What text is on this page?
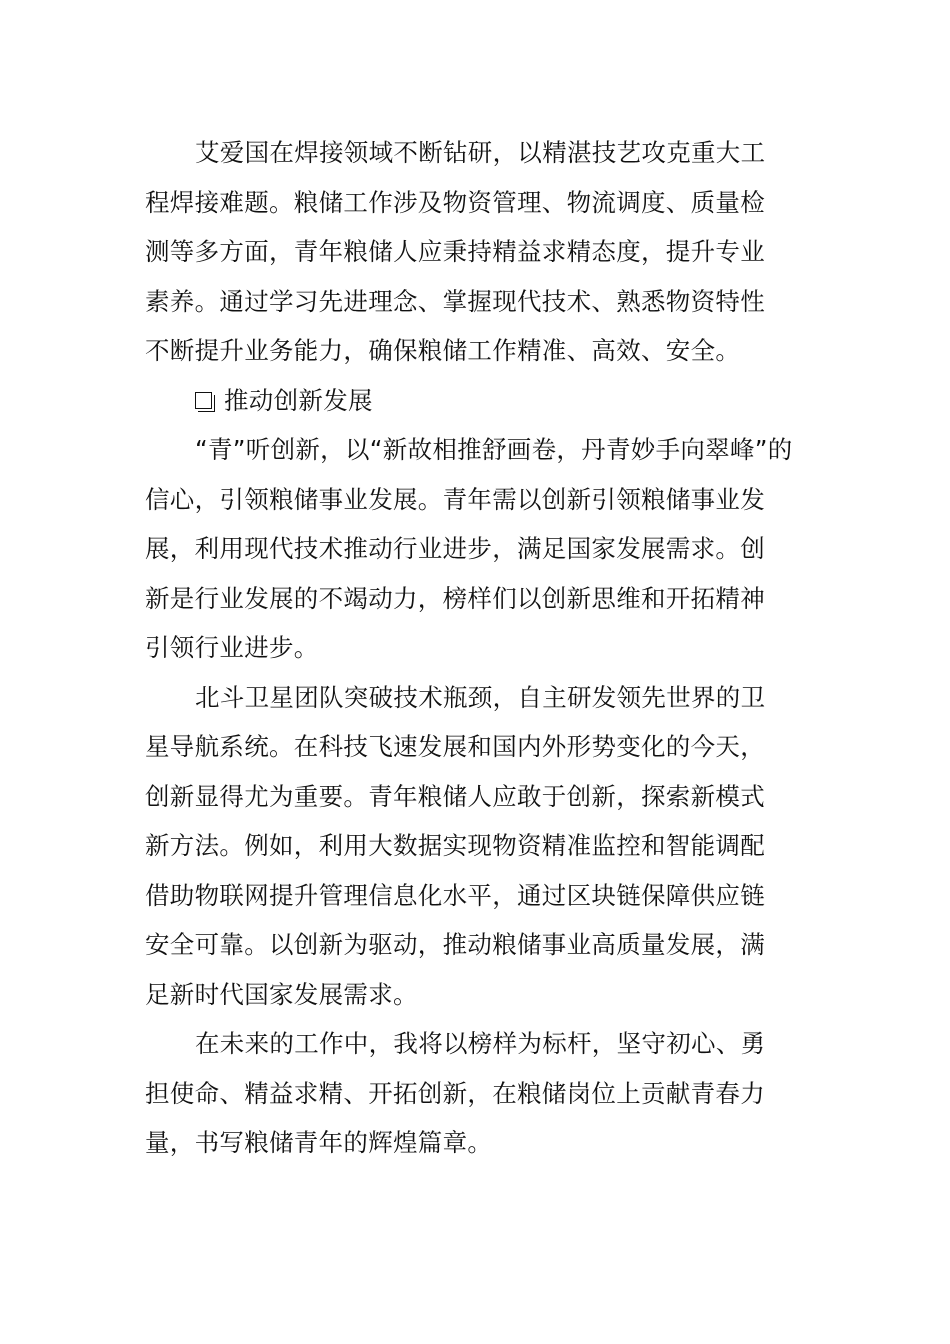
艾爱国在焊接领域不断钻研，以精湛技艺攻克重大工
程焊接难题。粮储工作涉及物资管理、物流调度、质量检
测等多方面，青年粮储人应秉持精益求精态度，提升专业
素养。通过学习先进理念、掌握现代技术、熟悉物资特性
不断提升业务能力，确保粮储工作精准、高效、安全。
推动创新发展
“青”听创新，以“新故相推舒画卷，丹青妙手向翠峰”的
信心，引领粮储事业发展。青年需以创新引领粮储事业发
展，利用现代技术推动行业进步，满足国家发展需求。创
新是行业发展的不竭动力，榜样们以创新思维和开拓精神
引领行业进步。
北斗卫星团队突破技术瓶颈，自主研发领先世界的卫
星导航系统。在科技飞速发展和国内外形势变化的今天，
创新显得尤为重要。青年粮储人应敢于创新，探索新模式
新方法。例如，利用大数据实现物资精准监控和智能调配
借助物联网提升管理信息化水平，通过区块链保障供应链
安全可靠。以创新为驱动，推动粮储事业高质量发展，满
足新时代国家发展需求。
在未来的工作中，我将以榜样为标杆，坚守初心、勇
担使命、精益求精、开拓创新，在粮储岗位上贡献青春力
量，书写粮储青年的辉煌篇章。
